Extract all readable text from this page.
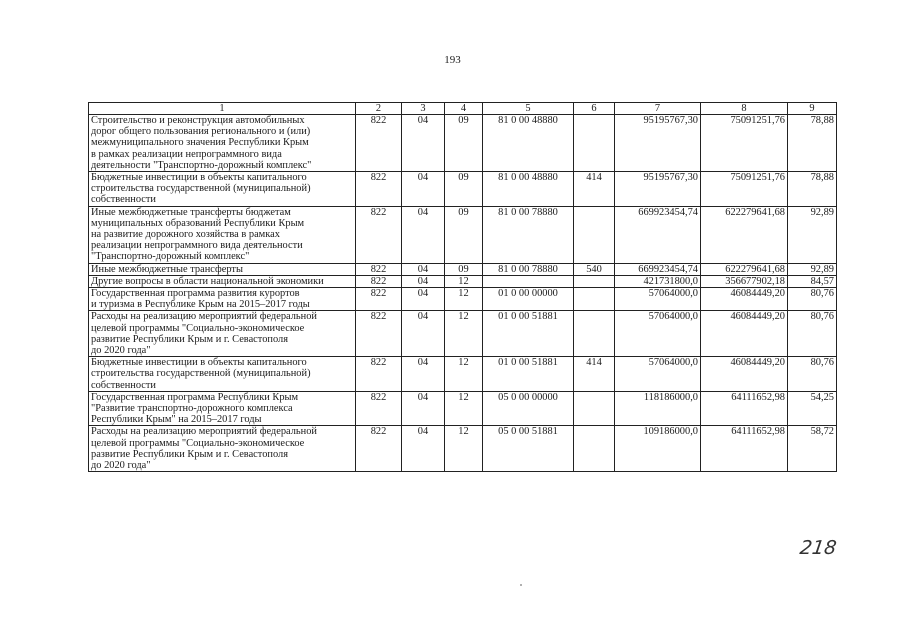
193
1	2	3	4	5	6	7	8	9

Строительство и реконструкция автомобильных
дорог общего пользования регионального и (или)
межмуниципального значения Республики Крым
в рамках реализации непрограммного вида
деятельности "Транспортно-дорожный комплекс"	822	04	09	81 0 00 48880		95195767,30	75091251,76	78,88

Бюджетные инвестиции в объекты капитального
строительства государственной (муниципальной)
собственности	822	04	09	81 0 00 48880	414	95195767,30	75091251,76	78,88

Иные межбюджетные трансферты бюджетам
муниципальных образований Республики Крым
на развитие дорожного хозяйства в рамках
реализации непрограммного вида деятельности
"Транспортно-дорожный комплекс"	822	04	09	81 0 00 78880		669923454,74	622279641,68	92,89

Иные межбюджетные трансферты	822	04	09	81 0 00 78880	540	669923454,74	622279641,68	92,89

Другие вопросы в области национальной экономики	822	04	12			421731800,0	356677902,18	84,57

Государственная программа развития курортов
и туризма в Республике Крым на 2015–2017 годы	822	04	12	01 0 00 00000		57064000,0	46084449,20	80,76

Расходы на реализацию мероприятий федеральной
целевой программы "Социально-экономическое
развитие Республики Крым и г. Севастополя
до 2020 года"	822	04	12	01 0 00 51881		57064000,0	46084449,20	80,76

Бюджетные инвестиции в объекты капитального
строительства государственной (муниципальной)
собственности	822	04	12	01 0 00 51881	414	57064000,0	46084449,20	80,76

Государственная программа Республики Крым
"Развитие транспортно-дорожного комплекса
Республики Крым" на 2015–2017 годы	822	04	12	05 0 00 00000		118186000,0	64111652,98	54,25

Расходы на реализацию мероприятий федеральной
целевой программы "Социально-экономическое
развитие Республики Крым и г. Севастополя
до 2020 года"	822	04	12	05 0 00 51881		109186000,0	64111652,98	58,72
218
